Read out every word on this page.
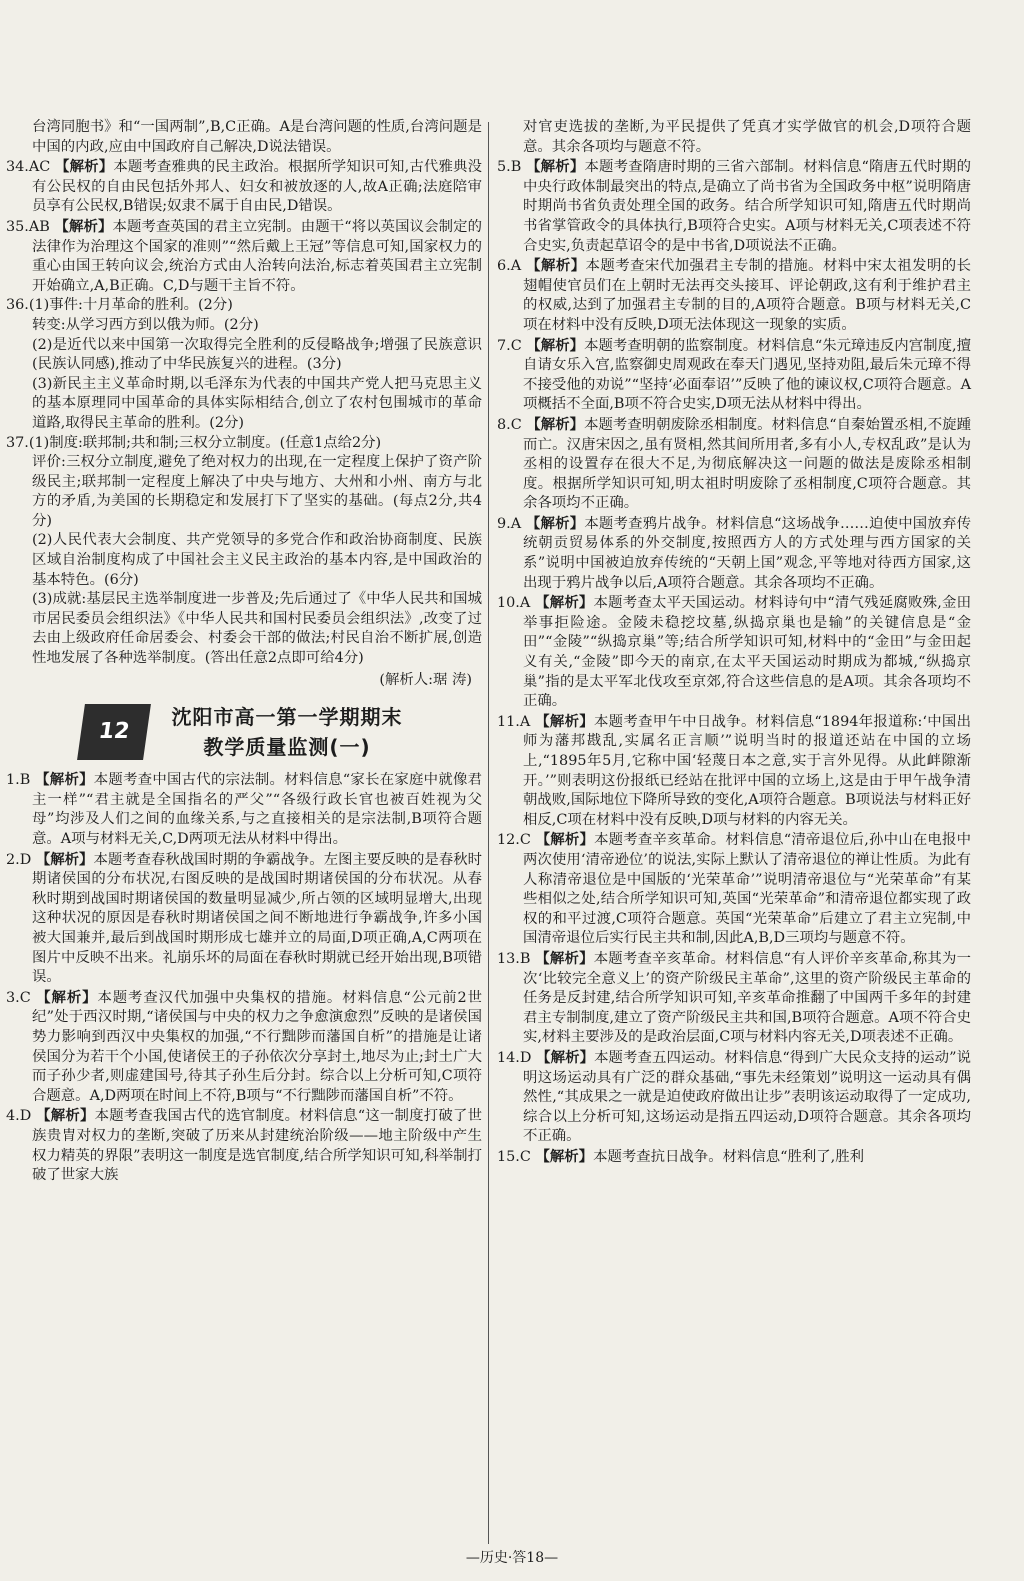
台湾同胞书》和“一国两制”,B,C正确。A是台湾问题的性质,台湾问题是中国的内政,应由中国政府自己解决,D说法错误。

34.AC 【解析】本题考查雅典的民主政治。根据所学知识可知,古代雅典没有公民权的自由民包括外邦人、妇女和被放逐的人,故A正确;法庭陪审员享有公民权,B错误;奴隶不属于自由民,D错误。

35.AB 【解析】本题考查英国的君主立宪制。由题干“将以英国议会制定的法律作为治理这个国家的准则”“然后戴上王冠”等信息可知,国家权力的重心由国王转向议会,统治方式由人治转向法治,标志着英国君主立宪制开始确立,A,B正确。C,D与题干主旨不符。

36.(1)事件:十月革命的胜利。(2分)

转变:从学习西方到以俄为师。(2分)

(2)是近代以来中国第一次取得完全胜利的反侵略战争;增强了民族意识(民族认同感),推动了中华民族复兴的进程。(3分)

(3)新民主主义革命时期,以毛泽东为代表的中国共产党人把马克思主义的基本原理同中国革命的具体实际相结合,创立了农村包围城市的革命道路,取得民主革命的胜利。(2分)

37.(1)制度:联邦制;共和制;三权分立制度。(任意1点给2分)

评价:三权分立制度,避免了绝对权力的出现,在一定程度上保护了资产阶级民主;联邦制一定程度上解决了中央与地方、大州和小州、南方与北方的矛盾,为美国的长期稳定和发展打下了坚实的基础。(每点2分,共4分)

(2)人民代表大会制度、共产党领导的多党合作和政治协商制度、民族区域自治制度构成了中国社会主义民主政治的基本内容,是中国政治的基本特色。(6分)

(3)成就:基层民主选举制度进一步普及;先后通过了《中华人民共和国城市居民委员会组织法》《中华人民共和国村民委员会组织法》,改变了过去由上级政府任命居委会、村委会干部的做法;村民自治不断扩展,创造性地发展了各种选举制度。(答出任意2点即可给4分)

(解析人:琚 涛)

12
沈阳市高一第一学期期末
教学质量监测(一)

1.B 【解析】本题考查中国古代的宗法制。材料信息“家长在家庭中就像君主一样”“君主就是全国指名的严父”“各级行政长官也被百姓视为父母”均涉及人们之间的血缘关系,与之直接相关的是宗法制,B项符合题意。A项与材料无关,C,D两项无法从材料中得出。

2.D 【解析】本题考查春秋战国时期的争霸战争。左图主要反映的是春秋时期诸侯国的分布状况,右图反映的是战国时期诸侯国的分布状况。从春秋时期到战国时期诸侯国的数量明显减少,所占领的区域明显增大,出现这种状况的原因是春秋时期诸侯国之间不断地进行争霸战争,许多小国被大国兼并,最后到战国时期形成七雄并立的局面,D项正确,A,C两项在图片中反映不出来。礼崩乐坏的局面在春秋时期就已经开始出现,B项错误。

3.C 【解析】本题考查汉代加强中央集权的措施。材料信息“公元前2世纪”处于西汉时期,“诸侯国与中央的权力之争愈演愈烈”反映的是诸侯国势力影响到西汉中央集权的加强,“不行黜陟而藩国自析”的措施是让诸侯国分为若干个小国,使诸侯王的子孙依次分享封土,地尽为止;封土广大而子孙少者,则虚建国号,待其子孙生后分封。综合以上分析可知,C项符合题意。A,D两项在时间上不符,B项与“不行黜陟而藩国自析”不符。

4.D 【解析】本题考查我国古代的选官制度。材料信息“这一制度打破了世族贵胄对权力的垄断,突破了历来从封建统治阶级——地主阶级中产生权力精英的界限”表明这一制度是选官制度,结合所学知识可知,科举制打破了世家大族

对官吏选拔的垄断,为平民提供了凭真才实学做官的机会,D项符合题意。其余各项均与题意不符。

5.B 【解析】本题考查隋唐时期的三省六部制。材料信息“隋唐五代时期的中央行政体制最突出的特点,是确立了尚书省为全国政务中枢”说明隋唐时期尚书省负责处理全国的政务。结合所学知识可知,隋唐五代时期尚书省掌管政令的具体执行,B项符合史实。A项与材料无关,C项表述不符合史实,负责起草诏令的是中书省,D项说法不正确。

6.A 【解析】本题考查宋代加强君主专制的措施。材料中宋太祖发明的长翅帽使官员们在上朝时无法再交头接耳、评论朝政,这有利于维护君主的权威,达到了加强君主专制的目的,A项符合题意。B项与材料无关,C项在材料中没有反映,D项无法体现这一现象的实质。

7.C 【解析】本题考查明朝的监察制度。材料信息“朱元璋违反内宫制度,擅自请女乐入宫,监察御史周观政在奉天门遇见,坚持劝阻,最后朱元璋不得不接受他的劝说”“坚持‘必面奉诏’”反映了他的谏议权,C项符合题意。A项概括不全面,B项不符合史实,D项无法从材料中得出。

8.C 【解析】本题考查明朝废除丞相制度。材料信息“自秦始置丞相,不旋踵而亡。汉唐宋因之,虽有贤相,然其间所用者,多有小人,专权乱政”是认为丞相的设置存在很大不足,为彻底解决这一问题的做法是废除丞相制度。根据所学知识可知,明太祖时明废除了丞相制度,C项符合题意。其余各项均不正确。

9.A 【解析】本题考查鸦片战争。材料信息“这场战争……迫使中国放弃传统朝贡贸易体系的外交制度,按照西方人的方式处理与西方国家的关系”说明中国被迫放弃传统的“天朝上国”观念,平等地对待西方国家,这出现于鸦片战争以后,A项符合题意。其余各项均不正确。

10.A 【解析】本题考查太平天国运动。材料诗句中“清气残延腐败殊,金田举事拒险途。金陵未稳挖坟墓,纵捣京巢也是输”的关键信息是“金田”“金陵”“纵捣京巢”等;结合所学知识可知,材料中的“金田”与金田起义有关,“金陵”即今天的南京,在太平天国运动时期成为都城,“纵捣京巢”指的是太平军北伐攻至京郊,符合这些信息的是A项。其余各项均不正确。

11.A 【解析】本题考查甲午中日战争。材料信息“1894年报道称:‘中国出师为藩邦戡乱,实属名正言顺’”说明当时的报道还站在中国的立场上,“1895年5月,它称中国‘轻蔑日本之意,实于言外见得。从此衅隙渐开。’”则表明这份报纸已经站在批评中国的立场上,这是由于甲午战争清朝战败,国际地位下降所导致的变化,A项符合题意。B项说法与材料正好相反,C项在材料中没有反映,D项与材料的内容无关。

12.C 【解析】本题考查辛亥革命。材料信息“清帝退位后,孙中山在电报中两次使用‘清帝逊位’的说法,实际上默认了清帝退位的禅让性质。为此有人称清帝退位是中国版的‘光荣革命’”说明清帝退位与“光荣革命”有某些相似之处,结合所学知识可知,英国“光荣革命”和清帝退位都实现了政权的和平过渡,C项符合题意。英国“光荣革命”后建立了君主立宪制,中国清帝退位后实行民主共和制,因此A,B,D三项均与题意不符。

13.B 【解析】本题考查辛亥革命。材料信息“有人评价辛亥革命,称其为一次‘比较完全意义上’的资产阶级民主革命”,这里的资产阶级民主革命的任务是反封建,结合所学知识可知,辛亥革命推翻了中国两千多年的封建君主专制制度,建立了资产阶级民主共和国,B项符合题意。A项不符合史实,材料主要涉及的是政治层面,C项与材料内容无关,D项表述不正确。

14.D 【解析】本题考查五四运动。材料信息“得到广大民众支持的运动”说明这场运动具有广泛的群众基础,“事先未经策划”说明这一运动具有偶然性,“其成果之一就是迫使政府做出让步”表明该运动取得了一定成功,综合以上分析可知,这场运动是指五四运动,D项符合题意。其余各项均不正确。

15.C 【解析】本题考查抗日战争。材料信息“胜利了,胜利

—历史·答18—
